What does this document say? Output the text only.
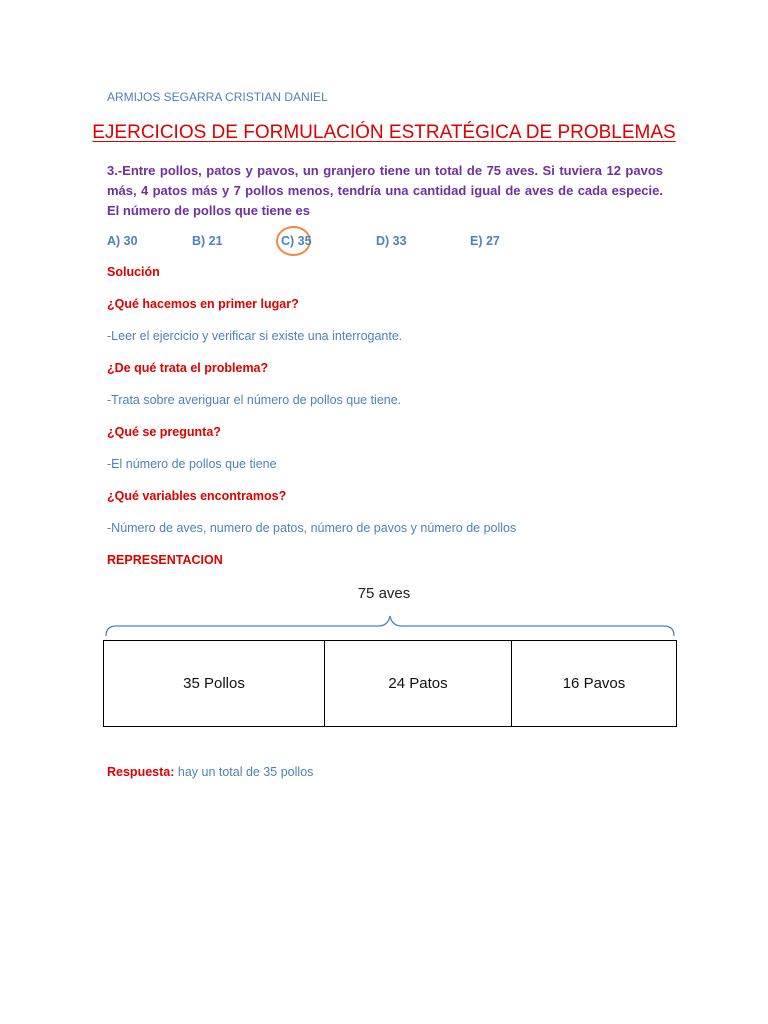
ARMIJOS SEGARRA CRISTIAN DANIEL
EJERCICIOS DE FORMULACIÓN ESTRATÉGICA DE PROBLEMAS
3.-Entre pollos, patos y pavos, un granjero tiene un total de 75 aves. Si tuviera 12 pavos más, 4 patos más y 7 pollos menos, tendría una cantidad igual de aves de cada especie. El número de pollos que tiene es
A) 30	B) 21	C) 35	D) 33	E) 27
Solución
¿Qué hacemos en primer lugar?
-Leer el ejercicio y verificar si existe una interrogante.
¿De qué trata el problema?
-Trata sobre averiguar el número de pollos que tiene.
¿Qué se pregunta?
-El número de pollos que tiene
¿Qué variables encontramos?
-Número de aves, numero de patos, número de pavos y número de pollos
REPRESENTACION
75 aves
35 Pollos	24 Patos	16 Pavos
Respuesta: hay un total de 35 pollos
